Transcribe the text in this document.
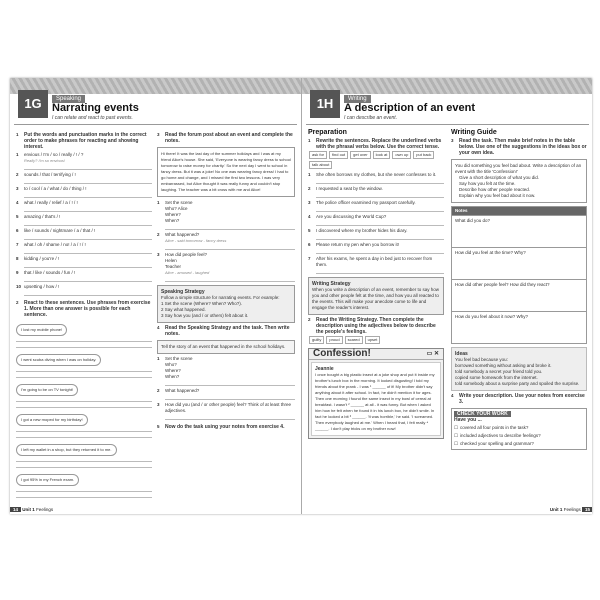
1G	Speaking
Narrating events
I can relate and react to past events.
1	Put the words and punctuation marks in the correct order to make phrases for reacting and showing interest.
1	envious / I'm / so / really / ! / ?
Really? I'm so envious!
2	sounds / that / terrifying / !
3	to / cool / a / what / do / thing / !
4	what / really / relief / a / ! / !
5	amazing / that's / !
6	like / sounds / nightmare / a / that / !
7	what / oh / shame / no! / a / ! / !
8	kidding / you're / !
9	that / like / sounds / fun / !
10 upsetting / how / !
2	React to these sentences. Use phrases from exercise 1. More than one answer is possible for each sentence.
I lost my mobile phone!
I went scuba diving when I was on holiday.
I'm going to be on TV tonight!
I got a new moped for my birthday!
I left my wallet in a shop, but they returned it to me.
I got 95% in my French exam.
3	Read the forum post about an event and complete the notes.
Hi there! It was the last day of the summer holidays and I was at my friend Alice's house. She said, 'Everyone is wearing fancy dress to school tomorrow to raise money for charity.' So the next day I went to school in fancy dress. But it was a joke! No one was wearing fancy dress! I had to go home and change, and I missed the first two lessons. I was very embarrassed, but Alice thought it was really funny and couldn't stop laughing. The teacher was a bit cross with me and Alice!
1	Set the scene
Who? Alice
Where?
When?
2	What happened?
Alice - said tomorrow - fancy dress
3	How did people feel?
Helen
Teacher
Alice - amused - laughed
Speaking Strategy
Follow a simple structure for narrating events. For example:
1 Set the scene (Where? When? Who?).
2 Say what happened.
3 Say how you (and / or others) felt about it.
4	Read the Speaking Strategy and the task. Then write notes.
Tell the story of an event that happened in the school holidays.
1	Set the scene
Who?
Where?
When?
2	What happened?
3	How did you (and / or other people) feel? Think of at least three adjectives.
5	Now do the task using your notes from exercise 4.
14 Unit 1 Feelings
1H	Writing
A description of an event
I can describe an event.
Preparation
1	Rewrite the sentences. Replace the underlined verbs with the phrasal verbs below. Use the correct tense.
ask for find out get over look at own up put backtalk about
1	She often borrows my clothes, but she never confesses to it.
2	I requested a seat by the window.
3	The police officer examined my passport carefully.
4	Are you discussing the World Cup?
5	I discovered where my brother hides his diary.
6	Please return my pen when you borrow it!
7	After his exams, he spent a day in bed just to recover from them.
Writing Strategy
When you write a description of an event, remember to say how you and other people felt at the time, and how you all reacted to the events. This will make your anecdote come to life and engage the reader's interest.
2	Read the Writing Strategy. Then complete the description using the adjectives below to describe the people's feelings.
guilty proud scared upset
Confession!	▭ ✕
Jeannie
I once bought a big plastic insect at a joke shop and put it inside my brother's lunch box in the morning. It looked disgusting! I told my friends about the prank - I was ¹ ______ of it! My brother didn't say anything about it after school. In fact, he didn't mention it for ages. Then one morning I found the same insect in my bowl of cereal at breakfast. I wasn't ² ______ at all - it was funny. But when I asked him how he felt when he found it in his lunch box, he didn't smile. In fact he looked a bit ³ ______. 'It was horrible,' he said. 'I screamed. Then everybody laughed at me.' When I heard that, I felt really ⁴ ______. I don't play tricks on my brother now!
Writing Guide
3	Read the task. Then make brief notes in the table below. Use one of the suggestions in the ideas box or your own idea.
You did something you feel bad about. Write a description of an event with the title 'Confession!'
Give a short description of what you did.
Say how you felt at the time.
Describe how other people reacted.
Explain why you feel bad about it now.
Notes
What did you do?
How did you feel at the time? Why?
How did other people feel? How did they react?
How do you feel about it now? Why?
Ideas
You feel bad because you:
borrowed something without asking and broke it.
told somebody a secret your friend told you.
copied some homework from the internet.
told somebody about a surprise party and spoiled the surprise.
4	Write your description. Use your notes from exercise 3.
CHECK YOUR WORK
Have you ...
☐ covered all four points in the task?
☐ included adjectives to describe feelings?
☐ checked your spelling and grammar?
Unit 1 Feelings 15
